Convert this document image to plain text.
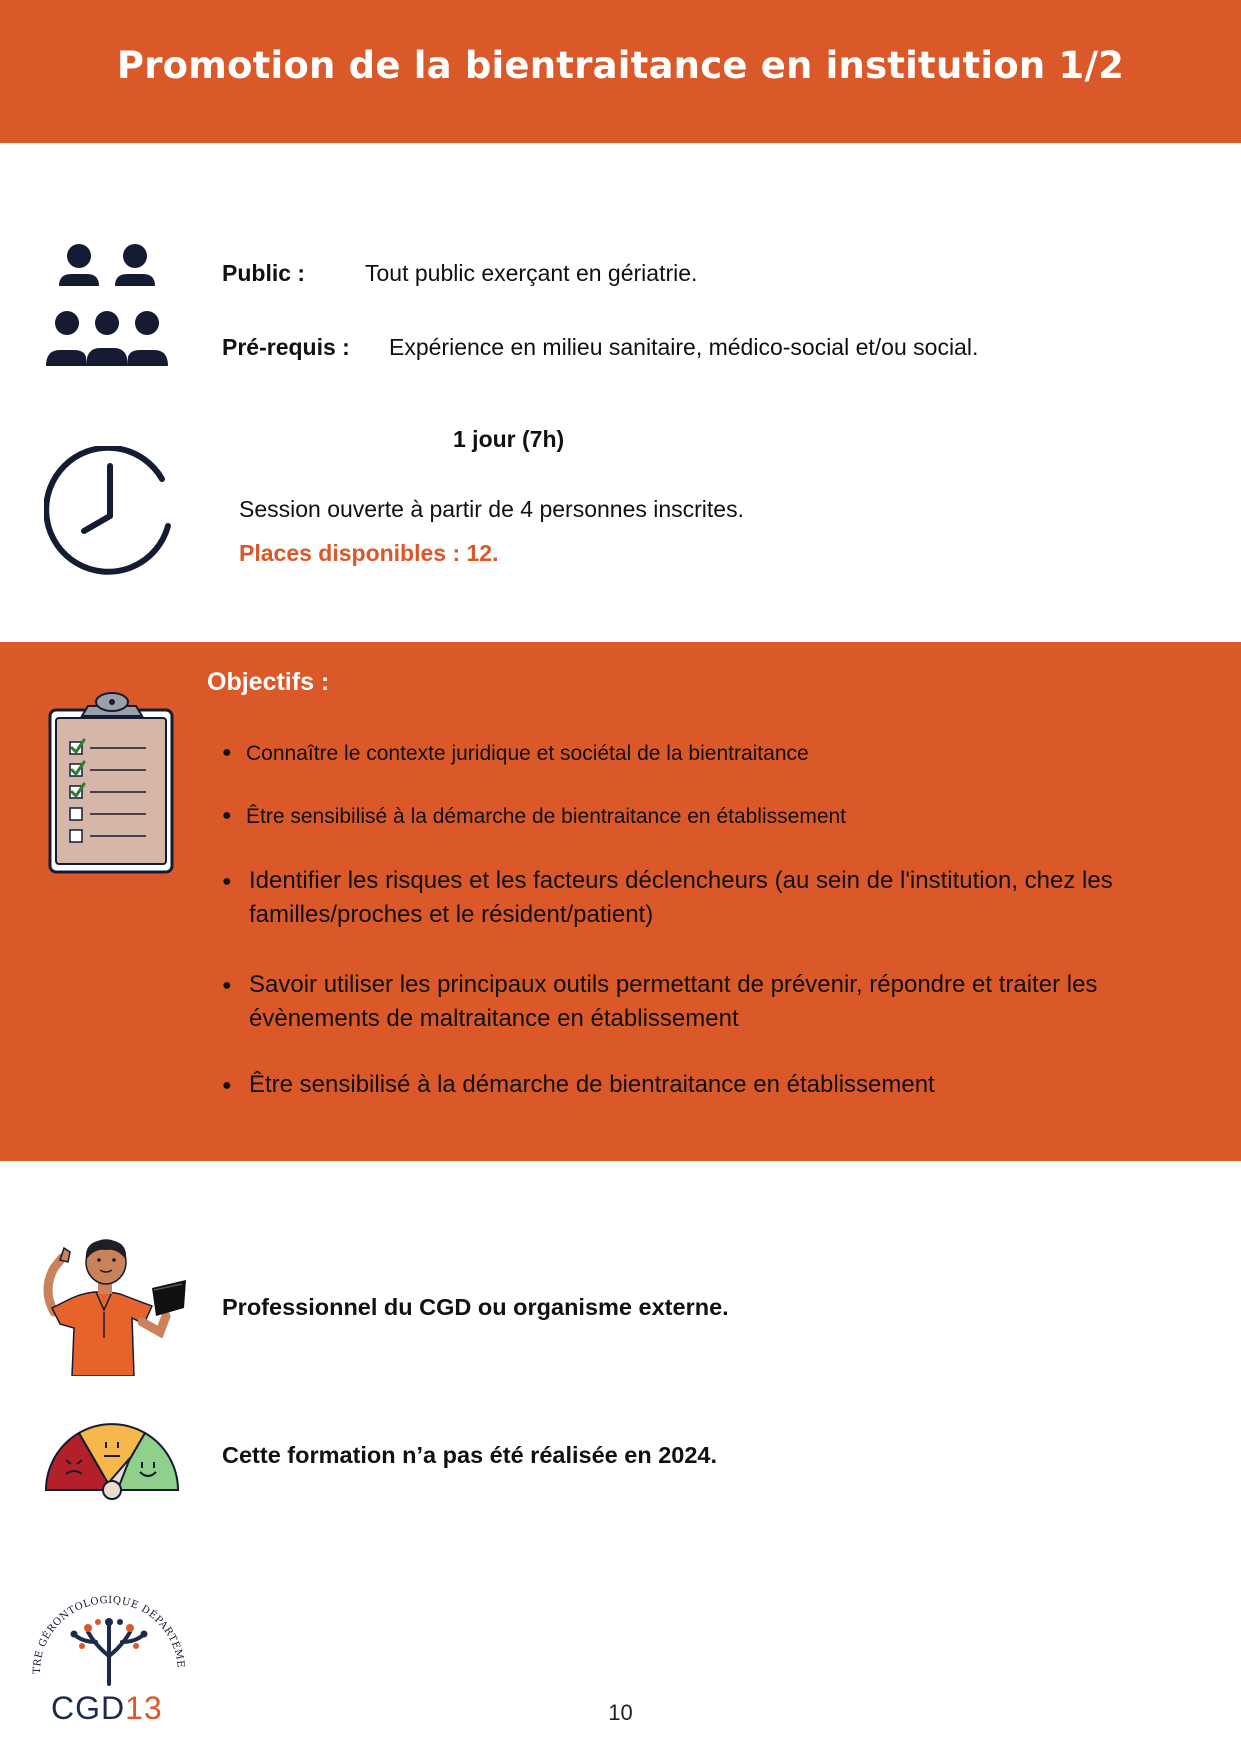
Promotion de la bientraitance en institution 1/2
Public :	Tout public exerçant en gériatrie.
Pré-requis : Expérience en milieu sanitaire, médico-social et/ou social.
1 jour (7h)
Session ouverte à partir de 4 personnes inscrites.
Places disponibles : 12.
Objectifs :
● Connaître le contexte juridique et sociétal de la bientraitance
● Être sensibilisé à la démarche de bientraitance en établissement
● Identifier les risques et les facteurs déclencheurs (au sein de l'institution, chez les
familles/proches et le résident/patient)
● Savoir utiliser les principaux outils permettant de prévenir, répondre et traiter les
évènements de maltraitance en établissement
● Être sensibilisé à la démarche de bientraitance en établissement
Professionnel du CGD ou organisme externe.
Cette formation n’a pas été réalisée en 2024.
TRE GÉRONTOLOGIQUE DÉPARTEME
CGD13	10
